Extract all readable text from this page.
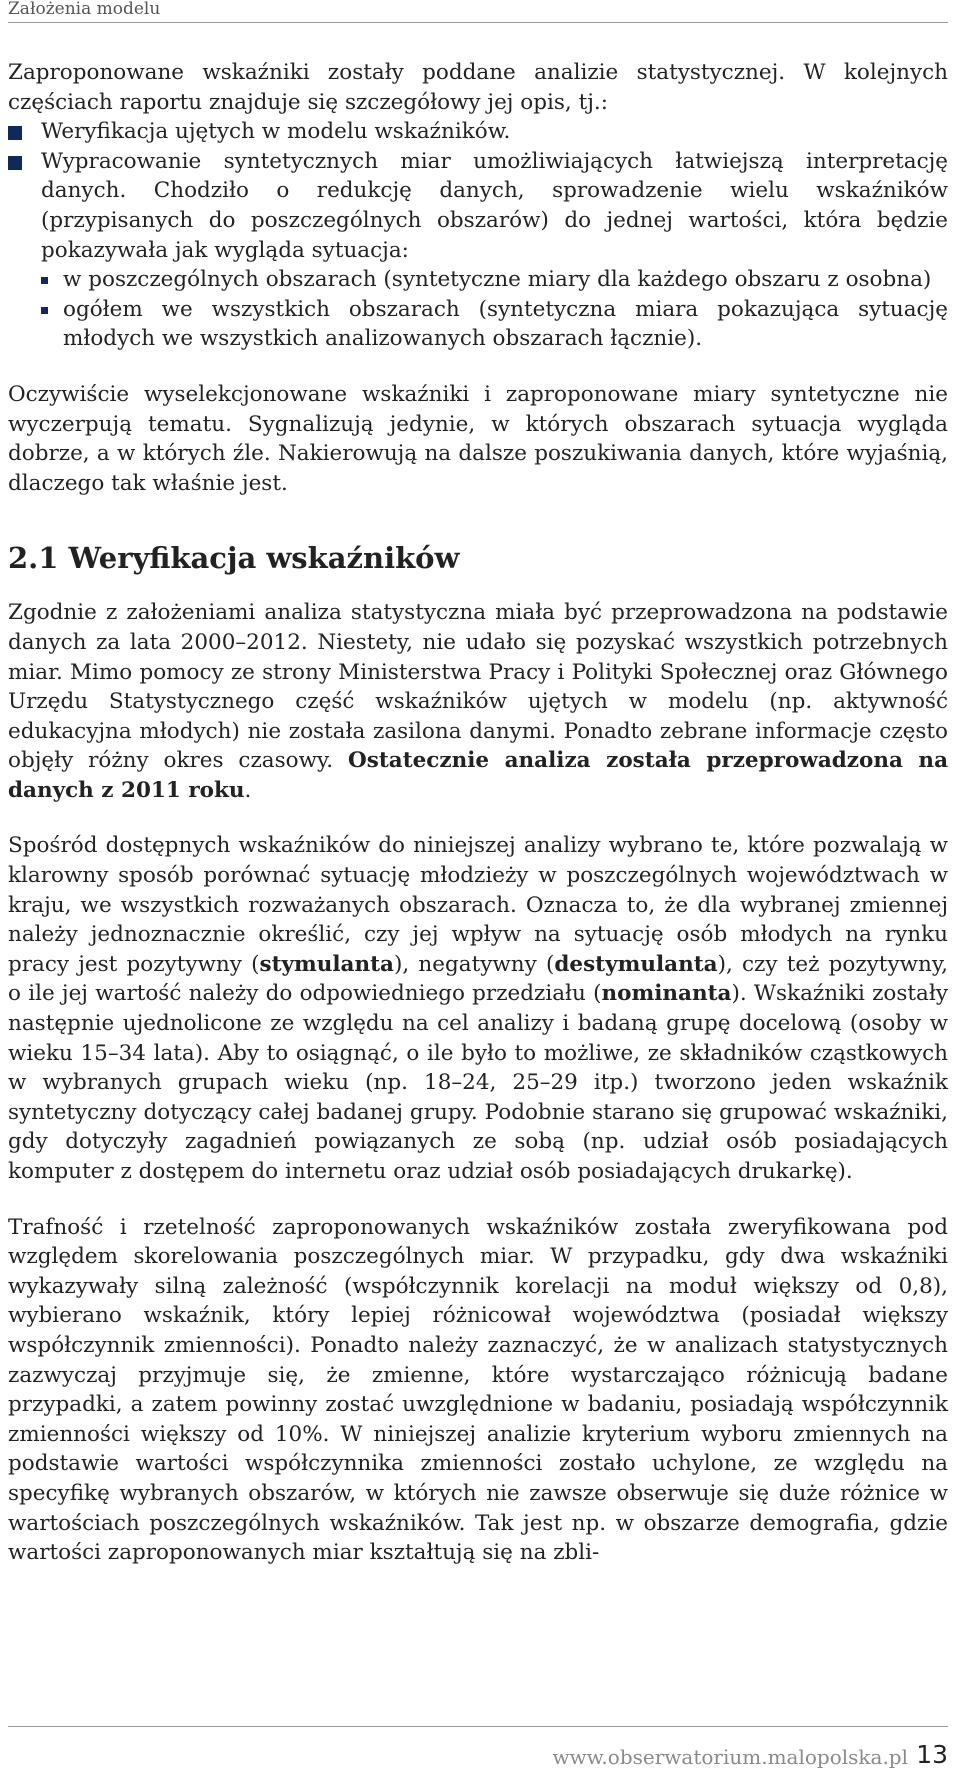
Założenia modelu

Zaproponowane wskaźniki zostały poddane analizie statystycznej. W kolejnych częściach raportu znajduje się szczegółowy jej opis, tj.:

Weryfikacja ujętych w modelu wskaźników.
Wypracowanie syntetycznych miar umożliwiających łatwiejszą interpretację danych. Chodziło o redukcję danych, sprowadzenie wielu wskaźników (przypisanych do poszczególnych obszarów) do jednej wartości, która będzie pokazywała jak wygląda sytuacja:
w poszczególnych obszarach (syntetyczne miary dla każdego obszaru z osobna)
ogółem we wszystkich obszarach (syntetyczna miara pokazująca sytuację młodych we wszystkich analizowanych obszarach łącznie).

Oczywiście wyselekcjonowane wskaźniki i zaproponowane miary syntetyczne nie wyczerpują tematu. Sygnalizują jedynie, w których obszarach sytuacja wygląda dobrze, a w których źle. Nakierowują na dalsze poszukiwania danych, które wyjaśnią, dlaczego tak właśnie jest.

2.1 Weryfikacja wskaźników

Zgodnie z założeniami analiza statystyczna miała być przeprowadzona na podstawie danych za lata 2000–2012. Niestety, nie udało się pozyskać wszystkich potrzebnych miar. Mimo pomocy ze strony Ministerstwa Pracy i Polityki Społecznej oraz Głównego Urzędu Statystycznego część wskaźników ujętych w modelu (np. aktywność edukacyjna młodych) nie została zasilona danymi. Ponadto zebrane informacje często objęły różny okres czasowy. Ostatecznie analiza została przeprowadzona na danych z 2011 roku.

Spośród dostępnych wskaźników do niniejszej analizy wybrano te, które pozwalają w klarowny sposób porównać sytuację młodzieży w poszczególnych województwach w kraju, we wszystkich rozważanych obszarach. Oznacza to, że dla wybranej zmiennej należy jednoznacznie określić, czy jej wpływ na sytuację osób młodych na rynku pracy jest pozytywny (stymulanta), negatywny (destymulanta), czy też pozytywny, o ile jej wartość należy do odpowiedniego przedziału (nominanta). Wskaźniki zostały następnie ujednolicone ze względu na cel analizy i badaną grupę docelową (osoby w wieku 15–34 lata). Aby to osiągnąć, o ile było to możliwe, ze składników cząstkowych w wybranych grupach wieku (np. 18–24, 25–29 itp.) tworzono jeden wskaźnik syntetyczny dotyczący całej badanej grupy. Podobnie starano się grupować wskaźniki, gdy dotyczyły zagadnień powiązanych ze sobą (np. udział osób posiadających komputer z dostępem do internetu oraz udział osób posiadających drukarkę).

Trafność i rzetelność zaproponowanych wskaźników została zweryfikowana pod względem skorelowania poszczególnych miar. W przypadku, gdy dwa wskaźniki wykazywały silną zależność (współczynnik korelacji na moduł większy od 0,8), wybierano wskaźnik, który lepiej różnicował województwa (posiadał większy współczynnik zmienności). Ponadto należy zaznaczyć, że w analizach statystycznych zazwyczaj przyjmuje się, że zmienne, które wystarczająco różnicują badane przypadki, a zatem powinny zostać uwzględnione w badaniu, posiadają współczynnik zmienności większy od 10%. W niniejszej analizie kryterium wyboru zmiennych na podstawie wartości współczynnika zmienności zostało uchylone, ze względu na specyfikę wybranych obszarów, w których nie zawsze obserwuje się duże różnice w wartościach poszczególnych wskaźników. Tak jest np. w obszarze demografia, gdzie wartości zaproponowanych miar kształtują się na zbli-

www.obserwatorium.malopolska.pl 13
